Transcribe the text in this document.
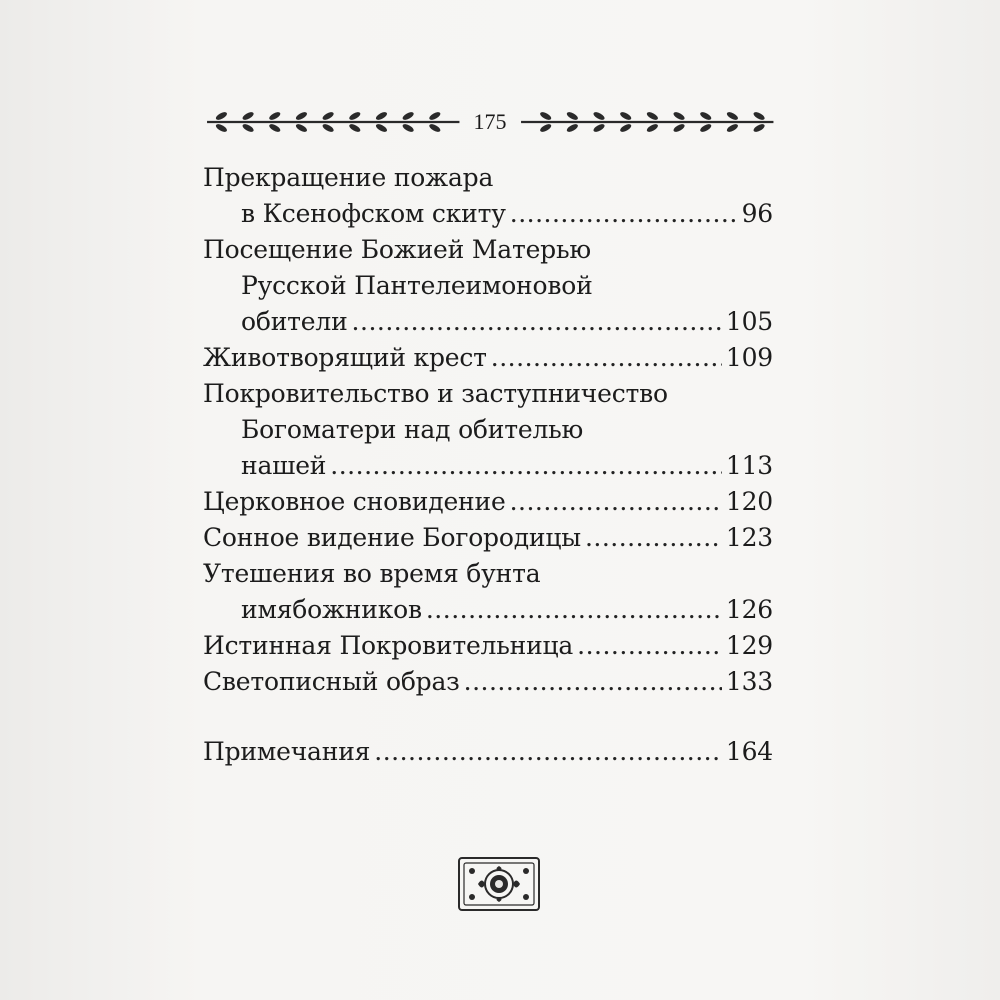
175
Прекращение пожара
в Ксенофском скиту .....	96
Посещение Божией Матерью
Русской Пантелеимоновой
обители .....	105
Животворящий крест .....	109
Покровительство и заступничество
Богоматери над обителью
нашей .....	113
Церковное сновидение .....	120
Сонное видение Богородицы .....	123
Утешения во время бунта
имябожников .....	126
Истинная Покровительница .....	129
Светописный образ .....	133
Примечания .....	164
